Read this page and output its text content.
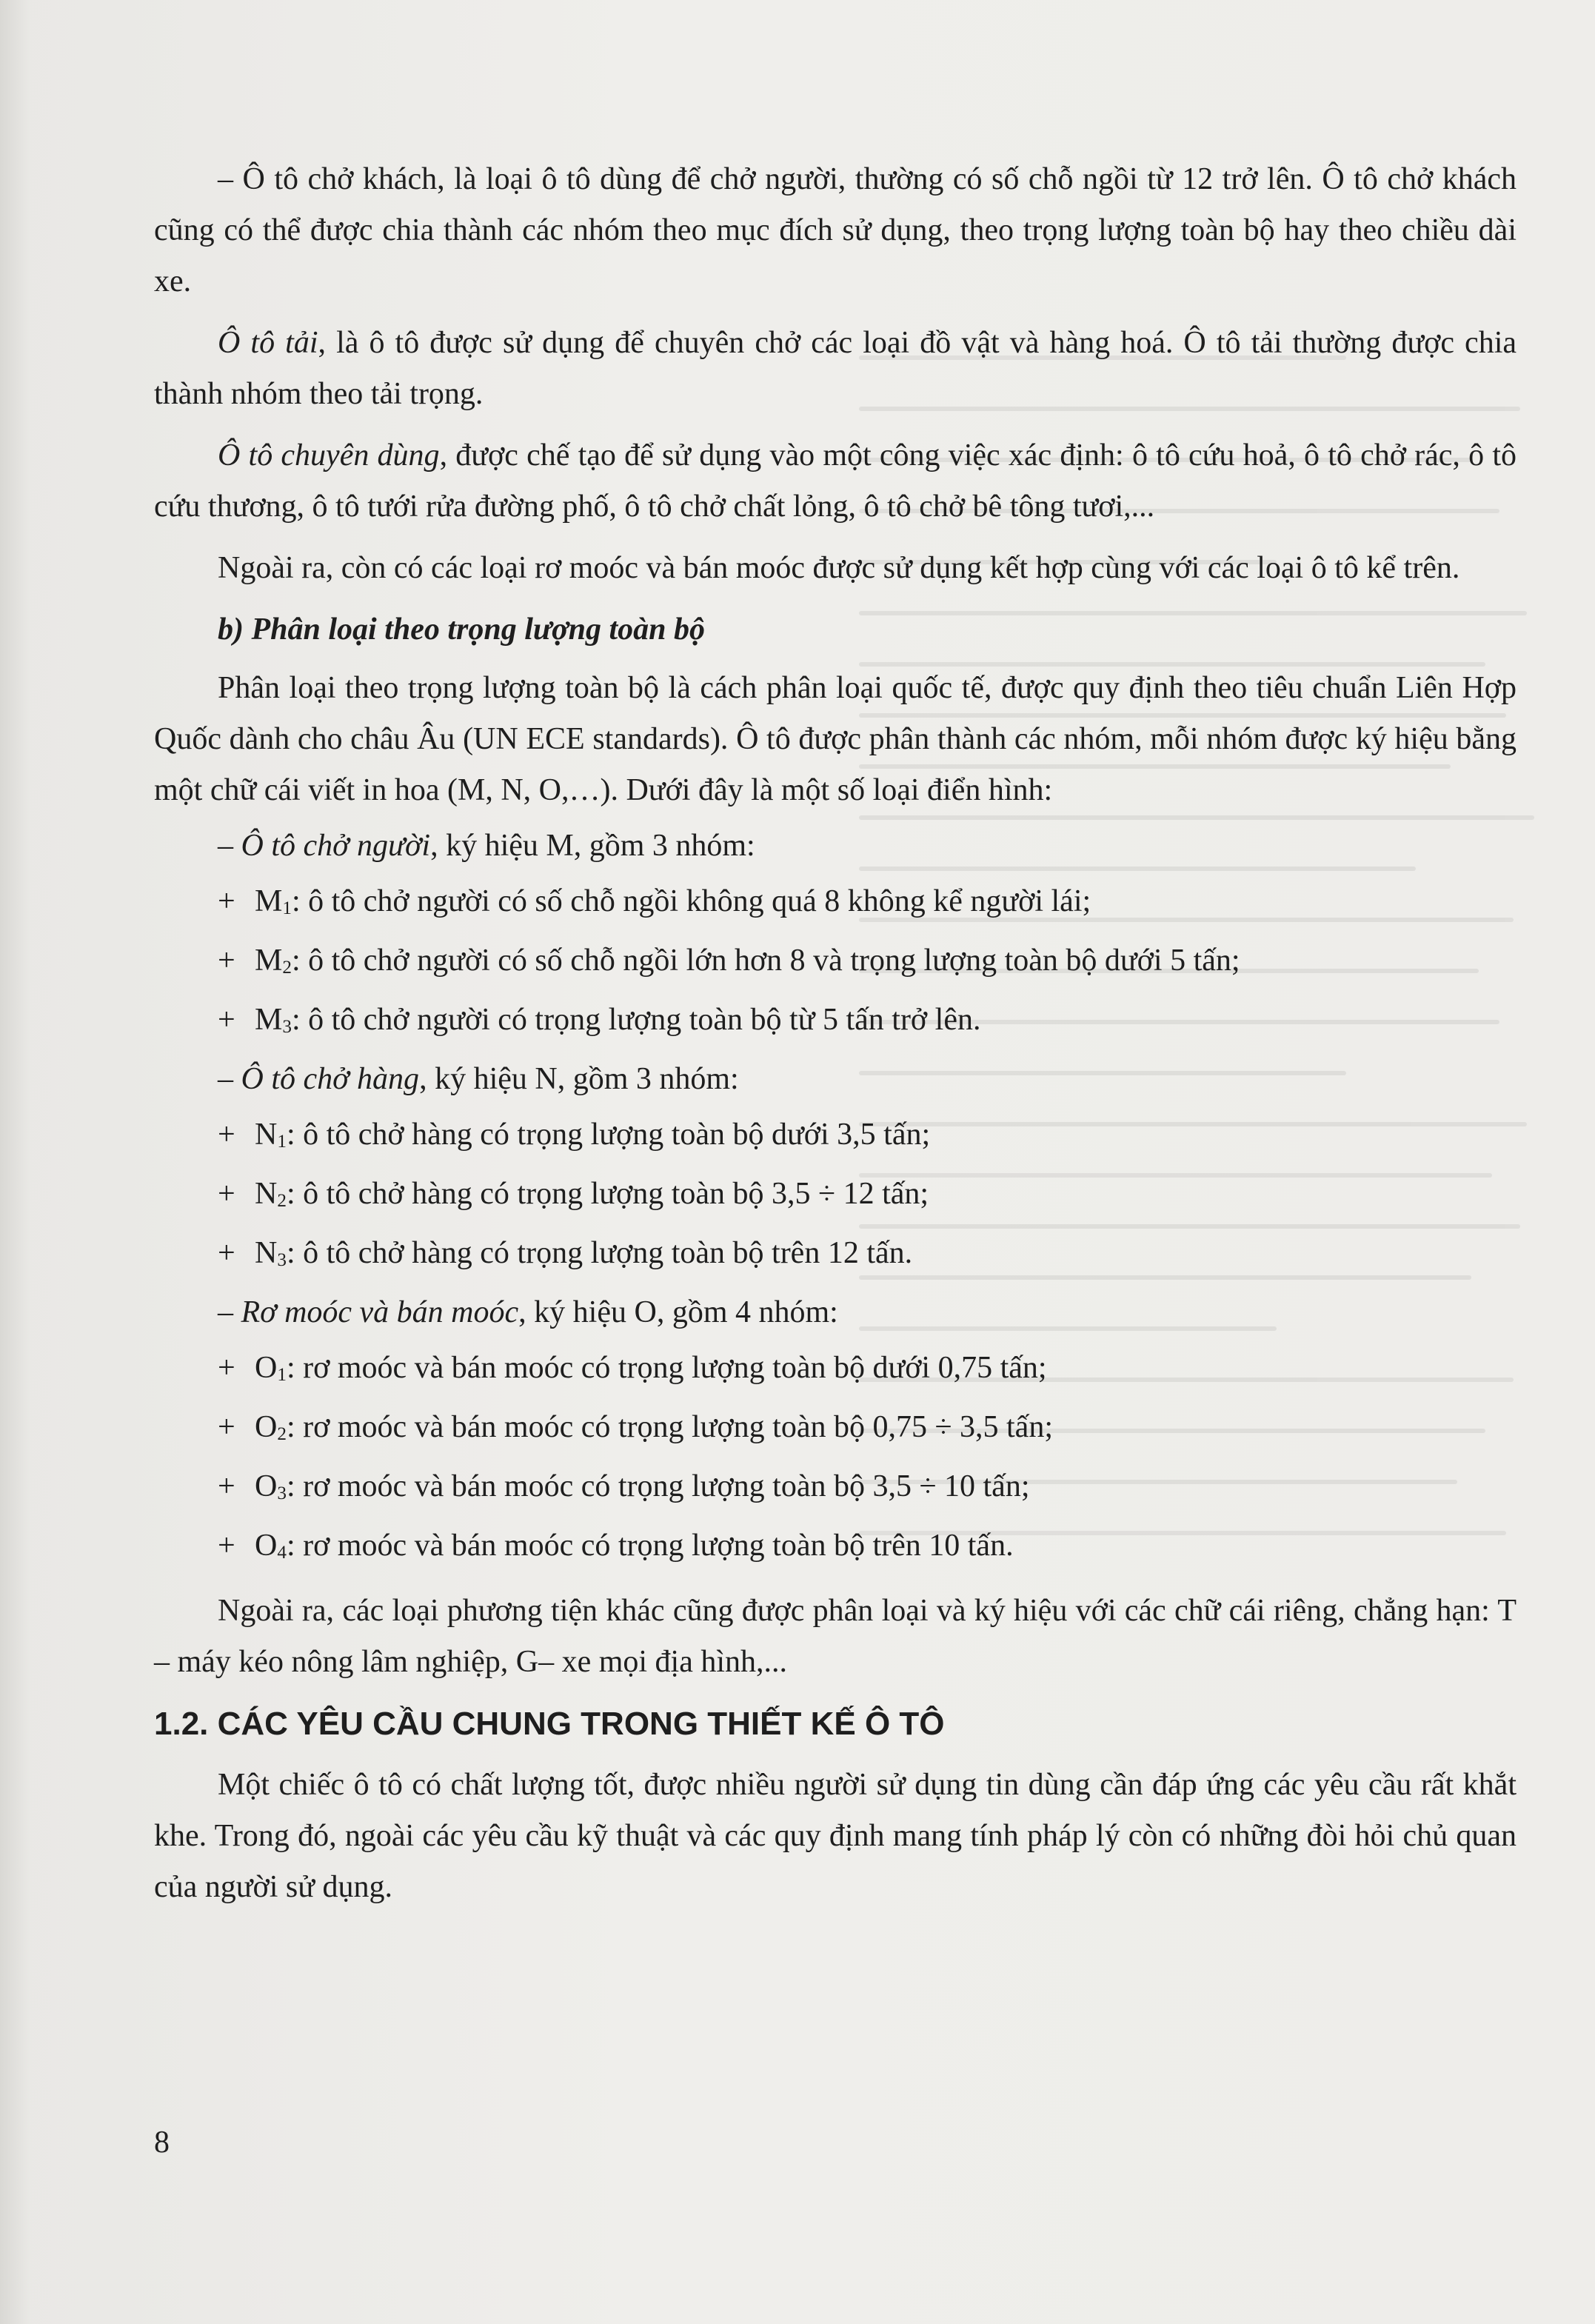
– Ô tô chở khách, là loại ô tô dùng để chở người, thường có số chỗ ngồi từ 12 trở lên. Ô tô chở khách cũng có thể được chia thành các nhóm theo mục đích sử dụng, theo trọng lượng toàn bộ hay theo chiều dài xe.

Ô tô tải, là ô tô được sử dụng để chuyên chở các loại đồ vật và hàng hoá. Ô tô tải thường được chia thành nhóm theo tải trọng.

Ô tô chuyên dùng, được chế tạo để sử dụng vào một công việc xác định: ô tô cứu hoả, ô tô chở rác, ô tô cứu thương, ô tô tưới rửa đường phố, ô tô chở chất lỏng, ô tô chở bê tông tươi,...

Ngoài ra, còn có các loại rơ moóc và bán moóc được sử dụng kết hợp cùng với các loại ô tô kể trên.

b) Phân loại theo trọng lượng toàn bộ

Phân loại theo trọng lượng toàn bộ là cách phân loại quốc tế, được quy định theo tiêu chuẩn Liên Hợp Quốc dành cho châu Âu (UN ECE standards). Ô tô được phân thành các nhóm, mỗi nhóm được ký hiệu bằng một chữ cái viết in hoa (M, N, O,…). Dưới đây là một số loại điển hình:

– Ô tô chở người, ký hiệu M, gồm 3 nhóm:

+ $M_1$: ô tô chở người có số chỗ ngồi không quá 8 không kể người lái;

+ $M_2$: ô tô chở người có số chỗ ngồi lớn hơn 8 và trọng lượng toàn bộ dưới 5 tấn;

+ $M_3$: ô tô chở người có trọng lượng toàn bộ từ 5 tấn trở lên.

– Ô tô chở hàng, ký hiệu N, gồm 3 nhóm:

+ $N_1$: ô tô chở hàng có trọng lượng toàn bộ dưới 3,5 tấn;

+ $N_2$: ô tô chở hàng có trọng lượng toàn bộ 3,5 ÷ 12 tấn;

+ $N_3$: ô tô chở hàng có trọng lượng toàn bộ trên 12 tấn.

– Rơ moóc và bán moóc, ký hiệu O, gồm 4 nhóm:

+ $O_1$: rơ moóc và bán moóc có trọng lượng toàn bộ dưới 0,75 tấn;

+ $O_2$: rơ moóc và bán moóc có trọng lượng toàn bộ 0,75 ÷ 3,5 tấn;

+ $O_3$: rơ moóc và bán moóc có trọng lượng toàn bộ 3,5 ÷ 10 tấn;

+ $O_4$: rơ moóc và bán moóc có trọng lượng toàn bộ trên 10 tấn.

Ngoài ra, các loại phương tiện khác cũng được phân loại và ký hiệu với các chữ cái riêng, chẳng hạn: T – máy kéo nông lâm nghiệp, G– xe mọi địa hình,...

1.2. CÁC YÊU CẦU CHUNG TRONG THIẾT KẾ Ô TÔ

Một chiếc ô tô có chất lượng tốt, được nhiều người sử dụng tin dùng cần đáp ứng các yêu cầu rất khắt khe. Trong đó, ngoài các yêu cầu kỹ thuật và các quy định mang tính pháp lý còn có những đòi hỏi chủ quan của người sử dụng.

8
